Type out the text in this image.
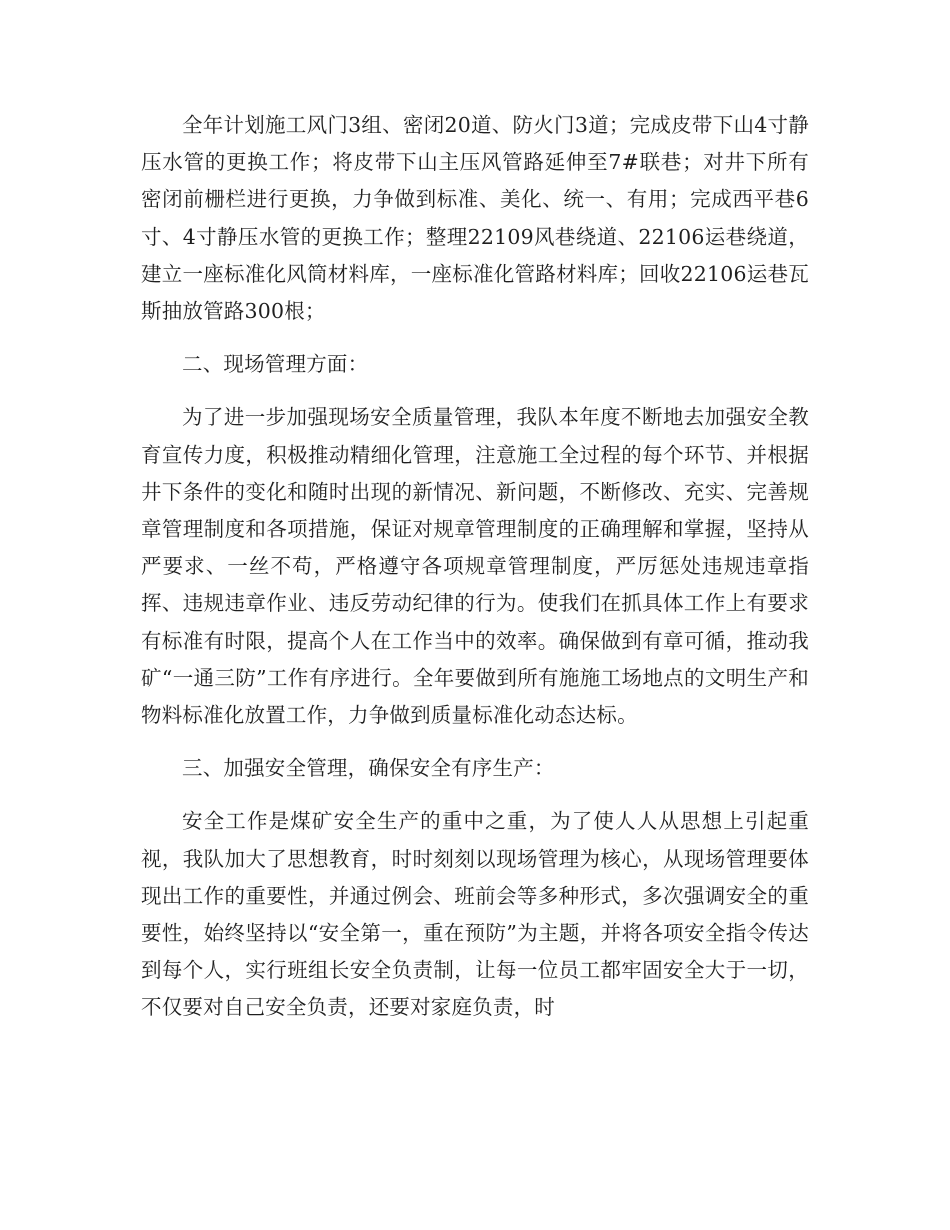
全年计划施工风门3组、密闭20道、防火门3道；完成皮带下山4寸静压水管的更换工作；将皮带下山主压风管路延伸至7#联巷；对井下所有密闭前栅栏进行更换，力争做到标准、美化、统一、有用；完成西平巷6寸、4寸静压水管的更换工作；整理22109风巷绕道、22106运巷绕道，建立一座标准化风筒材料库，一座标准化管路材料库；回收22106运巷瓦斯抽放管路300根；

二、现场管理方面：

为了进一步加强现场安全质量管理，我队本年度不断地去加强安全教育宣传力度，积极推动精细化管理，注意施工全过程的每个环节、并根据井下条件的变化和随时出现的新情况、新问题，不断修改、充实、完善规章管理制度和各项措施，保证对规章管理制度的正确理解和掌握，坚持从严要求、一丝不苟，严格遵守各项规章管理制度，严厉惩处违规违章指挥、违规违章作业、违反劳动纪律的行为。使我们在抓具体工作上有要求有标准有时限，提高个人在工作当中的效率。确保做到有章可循，推动我矿“一通三防”工作有序进行。全年要做到所有施施工场地点的文明生产和物料标准化放置工作，力争做到质量标准化动态达标。

三、加强安全管理，确保安全有序生产：

安全工作是煤矿安全生产的重中之重，为了使人人从思想上引起重视，我队加大了思想教育，时时刻刻以现场管理为核心，从现场管理要体现出工作的重要性，并通过例会、班前会等多种形式，多次强调安全的重要性，始终坚持以“安全第一，重在预防”为主题，并将各项安全指令传达到每个人，实行班组长安全负责制，让每一位员工都牢固安全大于一切，不仅要对自己安全负责，还要对家庭负责，时
